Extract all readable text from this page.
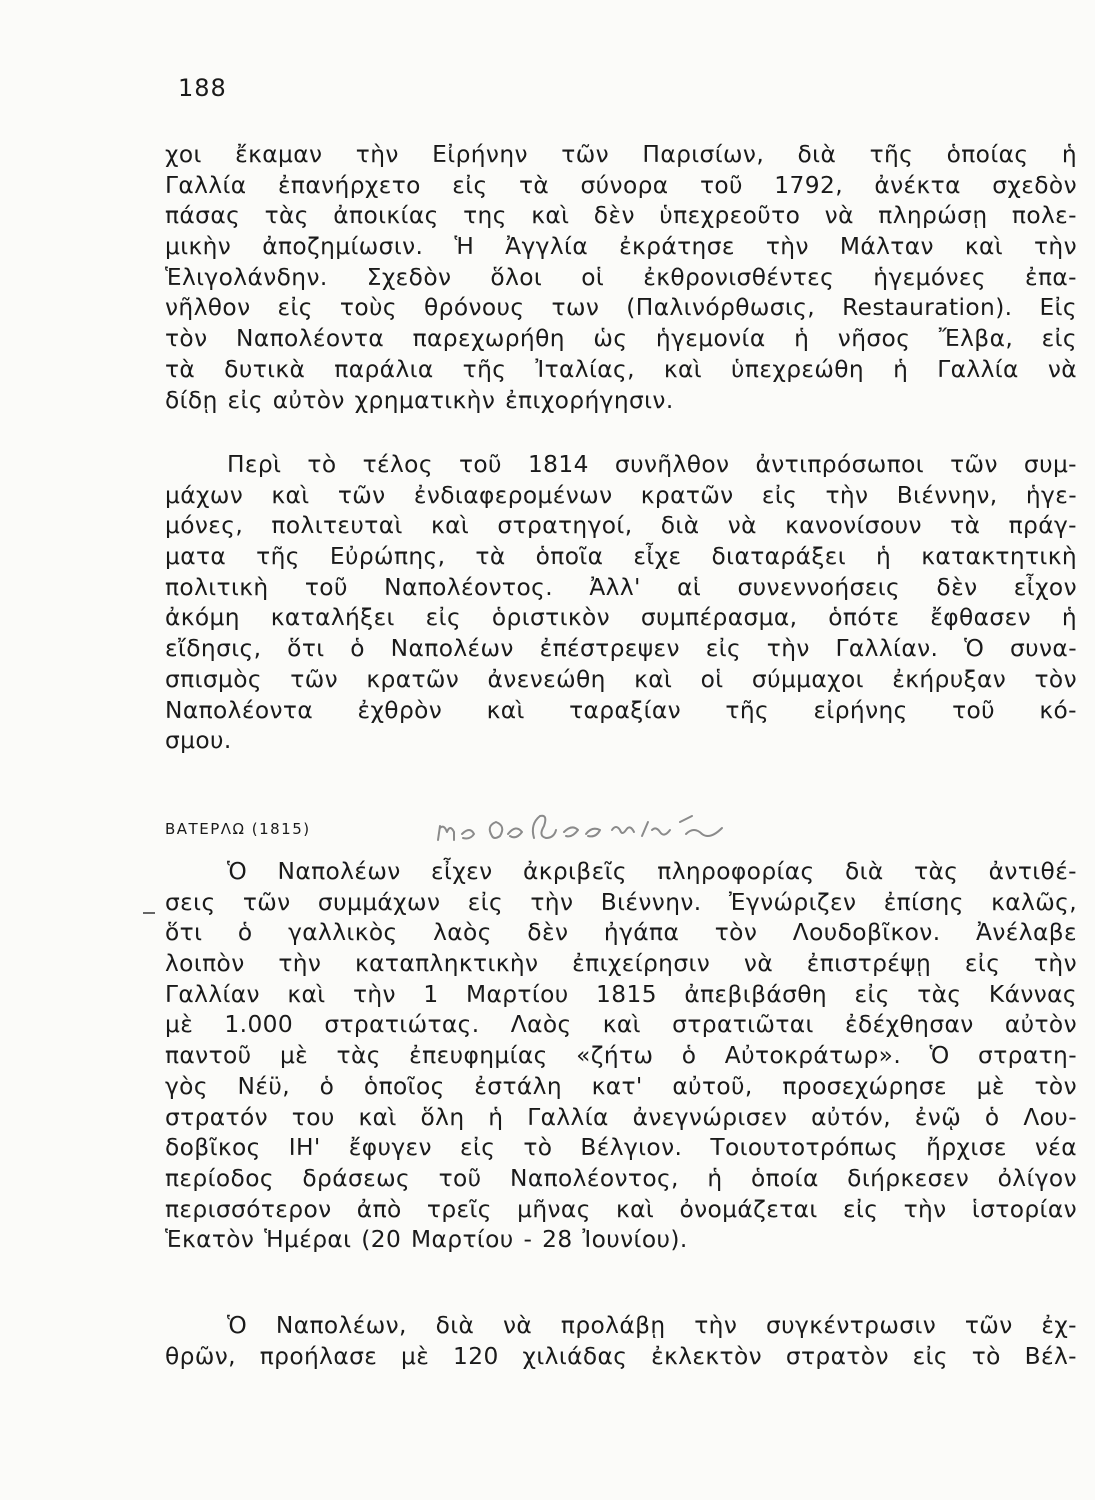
188
χοι ἔκαμαν τὴν Εἰρήνην τῶν Παρισίων, διὰ τῆς ὁποίας ἡ
Γαλλία ἐπανήρχετο εἰς τὰ σύνορα τοῦ 1792, ἀνέκτα σχεδὸν
πάσας τὰς ἀποικίας της καὶ δὲν ὑπεχρεοῦτο νὰ πληρώσῃ πολε-
μικὴν ἀποζημίωσιν. Ἡ Ἀγγλία ἐκράτησε τὴν Μάλταν καὶ τὴν
Ἑλιγολάνδην. Σχεδὸν ὅλοι οἱ ἐκθρονισθέντες ἡγεμόνες ἐπα-
νῆλθον εἰς τοὺς θρόνους των (Παλινόρθωσις, Restauration). Εἰς
τὸν Ναπολέοντα παρεχωρήθη ὡς ἡγεμονία ἡ νῆσος Ἔλβα, εἰς
τὰ δυτικὰ παράλια τῆς Ἰταλίας, καὶ ὑπεχρεώθη ἡ Γαλλία νὰ
δίδῃ εἰς αὐτὸν χρηματικὴν ἐπιχορήγησιν.
Περὶ τὸ τέλος τοῦ 1814 συνῆλθον ἀντιπρόσωποι τῶν συμ-
μάχων καὶ τῶν ἐνδιαφερομένων κρατῶν εἰς τὴν Βιέννην, ἡγε-
μόνες, πολιτευταὶ καὶ στρατηγοί, διὰ νὰ κανονίσουν τὰ πράγ-
ματα τῆς Εὐρώπης, τὰ ὁποῖα εἶχε διαταράξει ἡ κατακτητικὴ
πολιτικὴ τοῦ Ναπολέοντος. Ἀλλ' αἱ συνεννοήσεις δὲν εἶχον
ἀκόμη καταλήξει εἰς ὁριστικὸν συμπέρασμα, ὁπότε ἔφθασεν ἡ
εἴδησις, ὅτι ὁ Ναπολέων ἐπέστρεψεν εἰς τὴν Γαλλίαν. Ὁ συνα-
σπισμὸς τῶν κρατῶν ἀνενεώθη καὶ οἱ σύμμαχοι ἐκήρυξαν τὸν
Ναπολέοντα ἐχθρὸν καὶ ταραξίαν τῆς εἰρήνης τοῦ κό-
σμου.
ΒΑΤΕΡΛΩ (1815)
Ὁ Ναπολέων εἶχεν ἀκριβεῖς πληροφορίας διὰ τὰς ἀντιθέ-
σεις τῶν συμμάχων εἰς τὴν Βιέννην. Ἐγνώριζεν ἐπίσης καλῶς,
ὅτι ὁ γαλλικὸς λαὸς δὲν ἠγάπα τὸν Λουδοβῖκον. Ἀνέλαβε
λοιπὸν τὴν καταπληκτικὴν ἐπιχείρησιν νὰ ἐπιστρέψῃ εἰς τὴν
Γαλλίαν καὶ τὴν 1 Μαρτίου 1815 ἀπεβιβάσθη εἰς τὰς Κάννας
μὲ 1.000 στρατιώτας. Λαὸς καὶ στρατιῶται ἐδέχθησαν αὐτὸν
παντοῦ μὲ τὰς ἐπευφημίας «ζήτω ὁ Αὐτοκράτωρ». Ὁ στρατη-
γὸς Νέϋ, ὁ ὁποῖος ἐστάλη κατ' αὐτοῦ, προσεχώρησε μὲ τὸν
στρατόν του καὶ ὅλη ἡ Γαλλία ἀνεγνώρισεν αὐτόν, ἐνῷ ὁ Λου-
δοβῖκος ΙΗ' ἔφυγεν εἰς τὸ Βέλγιον. Τοιουτοτρόπως ἤρχισε νέα
περίοδος δράσεως τοῦ Ναπολέοντος, ἡ ὁποία διήρκεσεν ὀλίγον
περισσότερον ἀπὸ τρεῖς μῆνας καὶ ὀνομάζεται εἰς τὴν ἱστορίαν
Ἑκατὸν Ἡμέραι (20 Μαρτίου - 28 Ἰουνίου).
Ὁ Ναπολέων, διὰ νὰ προλάβῃ τὴν συγκέντρωσιν τῶν ἐχ-
θρῶν, προήλασε μὲ 120 χιλιάδας ἐκλεκτὸν στρατὸν εἰς τὸ Βέλ-
